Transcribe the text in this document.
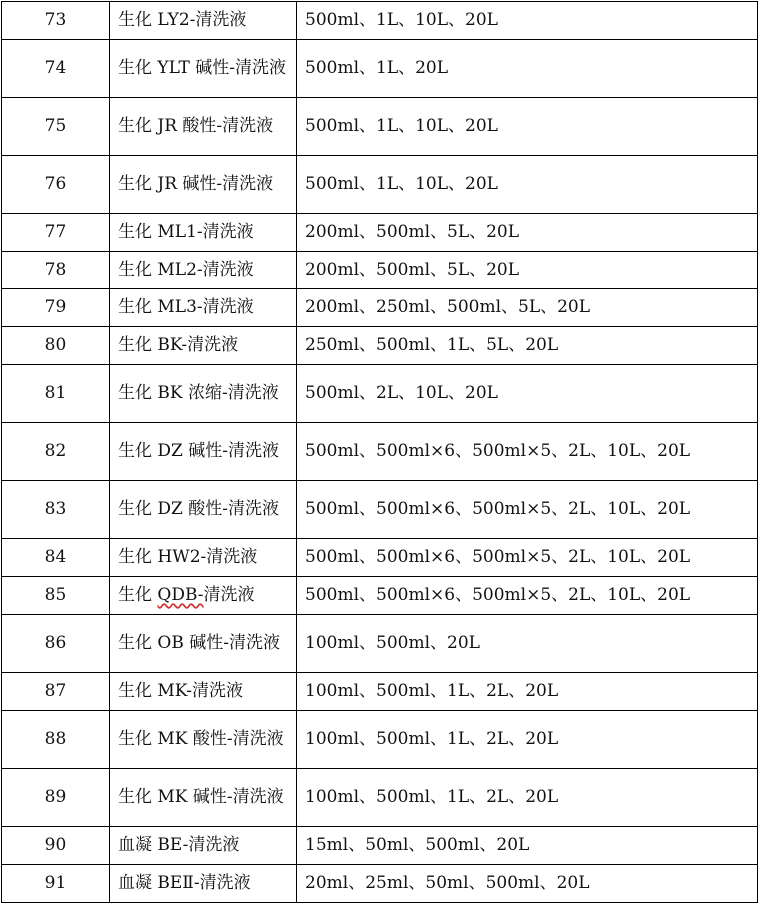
73	生化 LY2-清洗液	500ml、1L、10L、20L
74	生化 YLT 碱性-清洗液	500ml、1L、20L
75	生化 JR 酸性-清洗液	500ml、1L、10L、20L
76	生化 JR 碱性-清洗液	500ml、1L、10L、20L
77	生化 ML1-清洗液	200ml、500ml、5L、20L
78	生化 ML2-清洗液	200ml、500ml、5L、20L
79	生化 ML3-清洗液	200ml、250ml、500ml、5L、20L
80	生化 BK-清洗液	250ml、500ml、1L、5L、20L
81	生化 BK 浓缩-清洗液	500ml、2L、10L、20L
82	生化 DZ 碱性-清洗液	500ml、500ml×6、500ml×5、2L、10L、20L
83	生化 DZ 酸性-清洗液	500ml、500ml×6、500ml×5、2L、10L、20L
84	生化 HW2-清洗液	500ml、500ml×6、500ml×5、2L、10L、20L
85	生化 QDB-清洗液	500ml、500ml×6、500ml×5、2L、10L、20L
86	生化 OB 碱性-清洗液	100ml、500ml、20L
87	生化 MK-清洗液	100ml、500ml、1L、2L、20L
88	生化 MK 酸性-清洗液	100ml、500ml、1L、2L、20L
89	生化 MK 碱性-清洗液	100ml、500ml、1L、2L、20L
90	血凝 BE-清洗液	15ml、50ml、500ml、20L
91	血凝 BEⅡ-清洗液	20ml、25ml、50ml、500ml、20L
